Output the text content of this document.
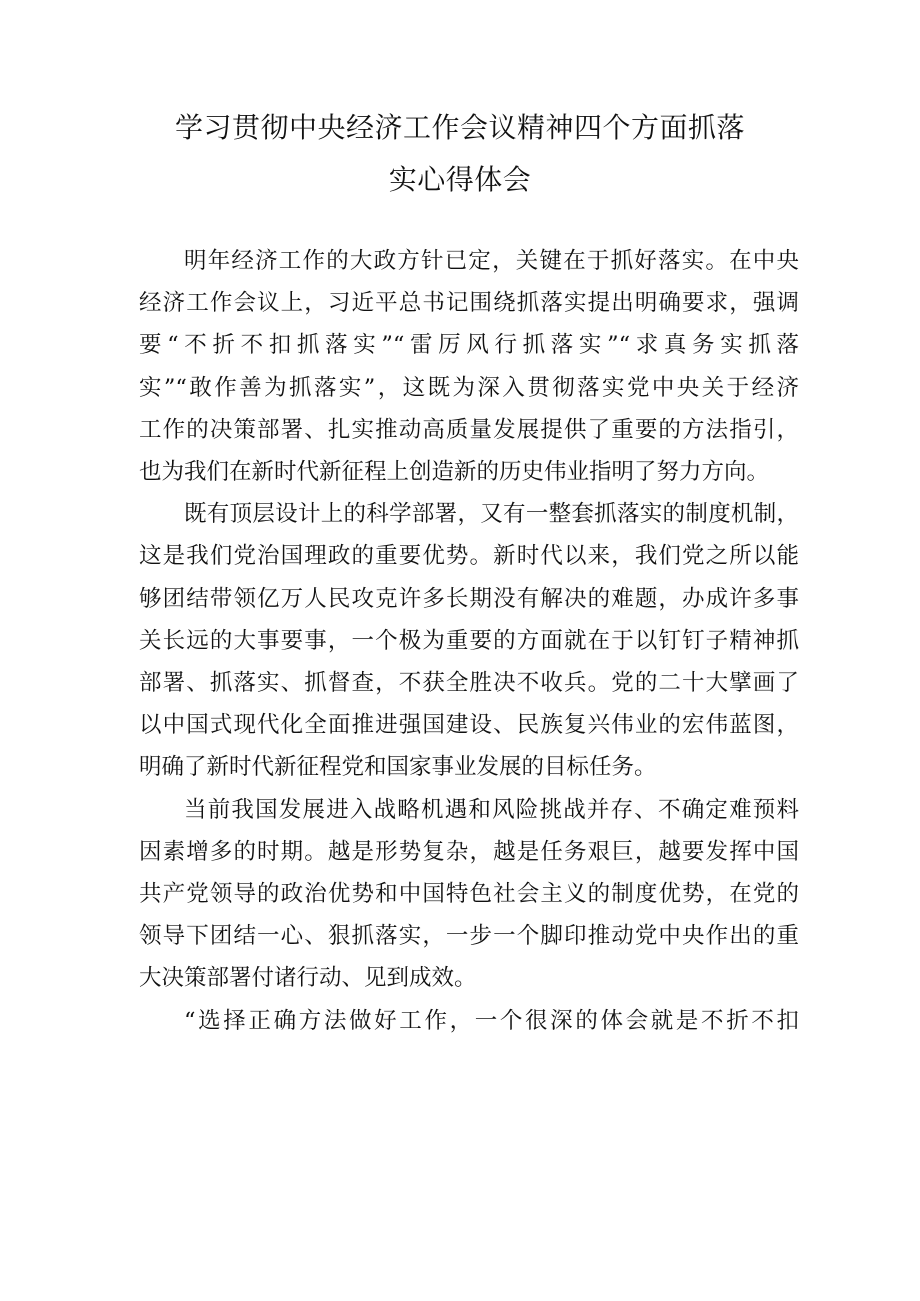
学习贯彻中央经济工作会议精神四个方面抓落
实心得体会
明年经济工作的大政方针已定，关键在于抓好落实。在中央
经济工作会议上，习近平总书记围绕抓落实提出明确要求，强调
要“不折不扣抓落实”“雷厉风行抓落实”“求真务实抓落
实”“敢作善为抓落实”，这既为深入贯彻落实党中央关于经济
工作的决策部署、扎实推动高质量发展提供了重要的方法指引，
也为我们在新时代新征程上创造新的历史伟业指明了努力方向。
既有顶层设计上的科学部署，又有一整套抓落实的制度机制，
这是我们党治国理政的重要优势。新时代以来，我们党之所以能
够团结带领亿万人民攻克许多长期没有解决的难题，办成许多事
关长远的大事要事，一个极为重要的方面就在于以钉钉子精神抓
部署、抓落实、抓督查，不获全胜决不收兵。党的二十大擘画了
以中国式现代化全面推进强国建设、民族复兴伟业的宏伟蓝图，
明确了新时代新征程党和国家事业发展的目标任务。
当前我国发展进入战略机遇和风险挑战并存、不确定难预料
因素增多的时期。越是形势复杂，越是任务艰巨，越要发挥中国
共产党领导的政治优势和中国特色社会主义的制度优势，在党的
领导下团结一心、狠抓落实，一步一个脚印推动党中央作出的重
大决策部署付诸行动、见到成效。
“选择正确方法做好工作，一个很深的体会就是不折不扣
